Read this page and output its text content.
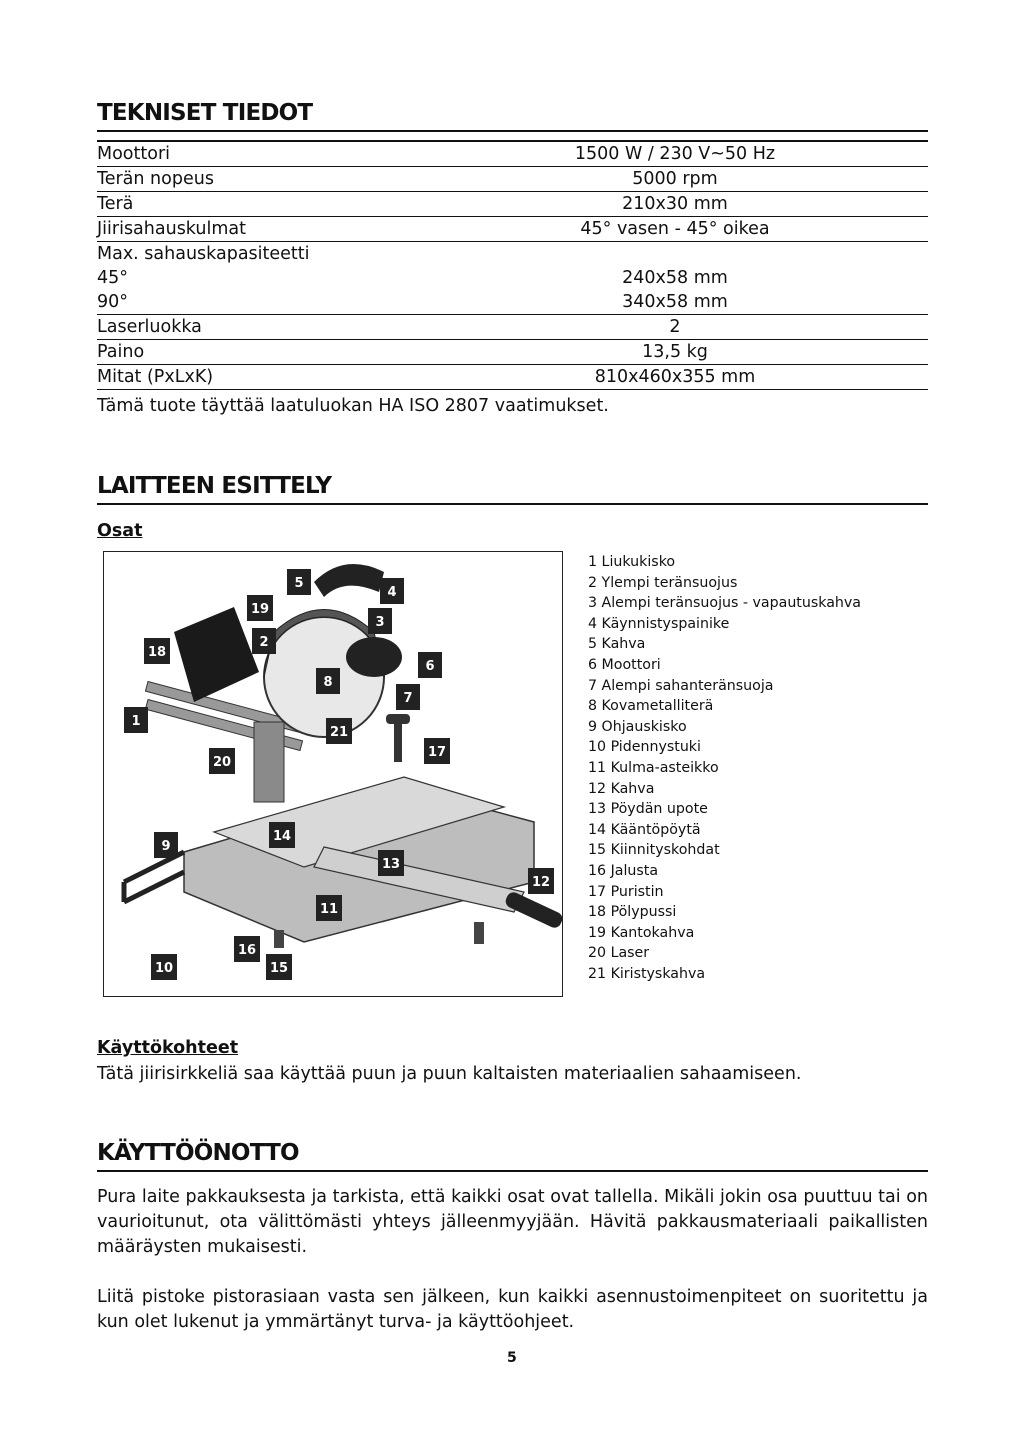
TEKNISET TIEDOT
Moottori	1500 W / 230 V~50 Hz
Terän nopeus	5000 rpm
Terä	210x30 mm
Jiirisahauskulmat	45° vasen - 45° oikea
Max. sahauskapasiteetti
45°	240x58 mm
90°	340x58 mm
Laserluokka	2
Paino	13,5 kg
Mitat (PxLxK)	810x460x355 mm
Tämä tuote täyttää laatuluokan HA ISO 2807 vaatimukset.
LAITTEEN ESITTELY
Osat
5
4
19
3
2
18
6
8
7
1
21
17
20
14
9
13
12
11
16
10	15
1 Liukukisko
2 Ylempi teränsuojus
3 Alempi teränsuojus - vapautuskahva
4 Käynnistyspainike
5 Kahva
6 Moottori
7 Alempi sahanteränsuoja
8 Kovametalliterä
9 Ohjauskisko
10 Pidennystuki
11 Kulma-asteikko
12 Kahva
13 Pöydän upote
14 Kääntöpöytä
15 Kiinnityskohdat
16 Jalusta
17 Puristin
18 Pölypussi
19 Kantokahva
20 Laser
21 Kiristyskahva
Käyttökohteet

Tätä jiirisirkkeliä saa käyttää puun ja puun kaltaisten materiaalien sahaamiseen.

KÄYTTÖÖNOTTO

Pura laite pakkauksesta ja tarkista, että kaikki osat ovat tallella. Mikäli jokin osa puuttuu tai on vaurioitunut, ota välittömästi yhteys jälleenmyyjään. Hävitä pakkausmateriaali paikallisten määräysten mukaisesti.

Liitä pistoke pistorasiaan vasta sen jälkeen, kun kaikki asennustoimenpiteet on suoritettu ja kun olet lukenut ja ymmärtänyt turva- ja käyttöohjeet.

5
